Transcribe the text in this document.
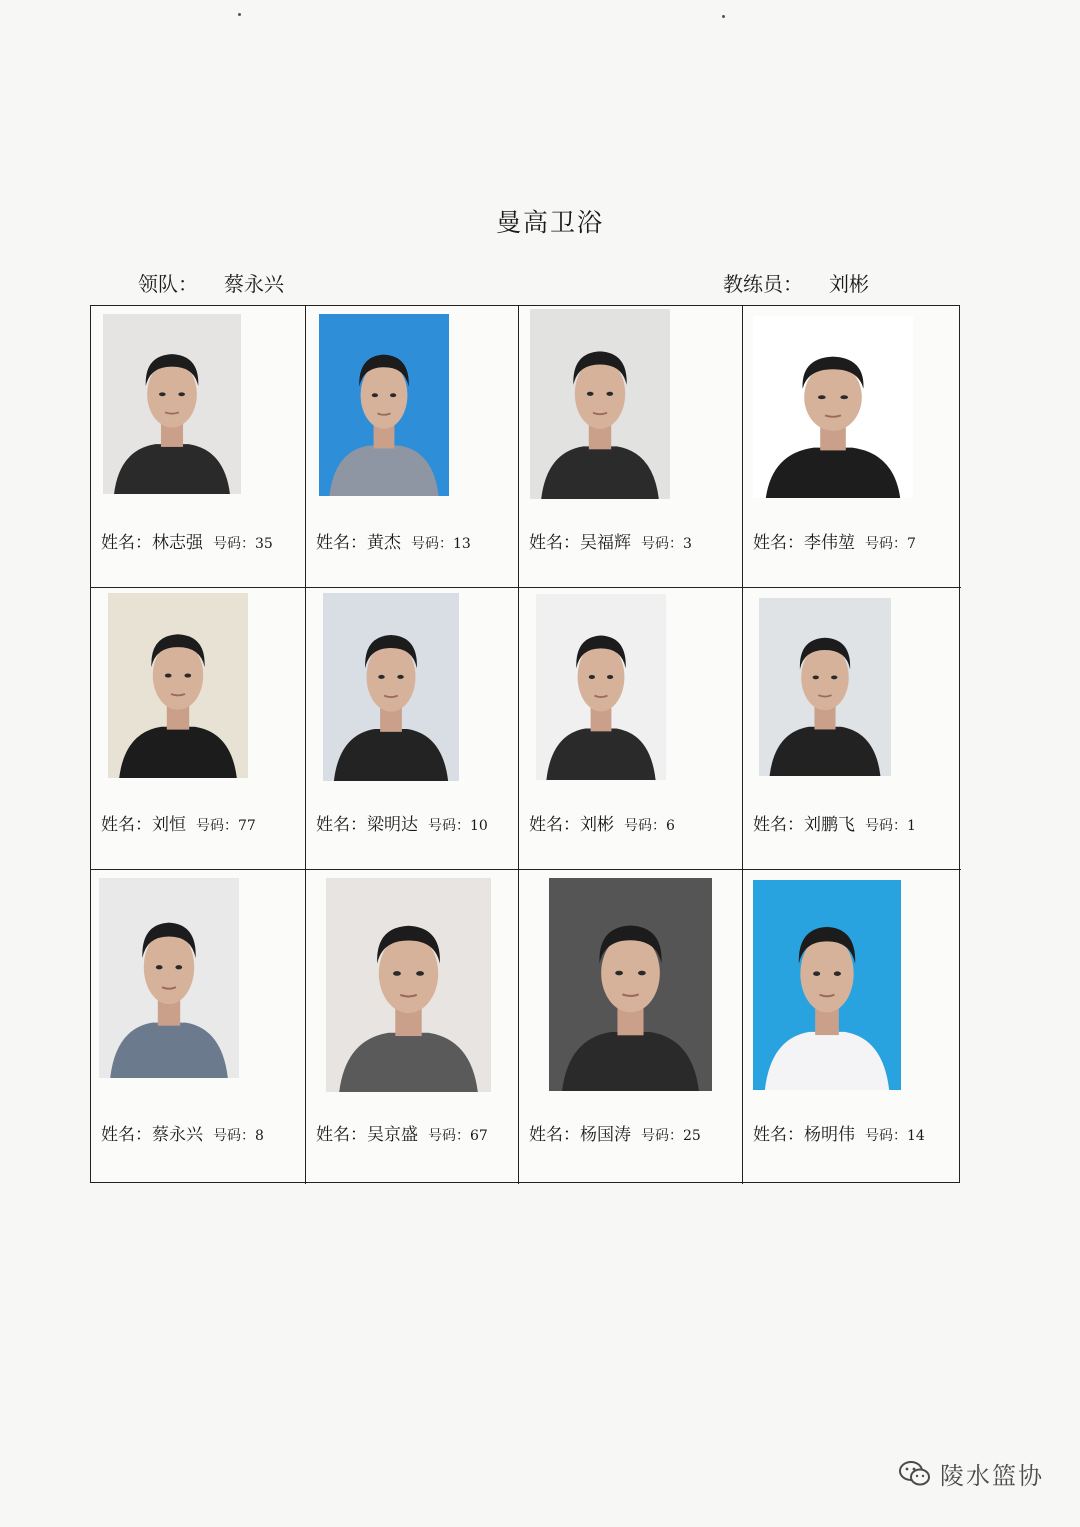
曼高卫浴
领队： 蔡永兴	教练员： 刘彬
姓名：林志强 号码：35	姓名：黄杰 号码：13	姓名：吴福辉 号码：3	姓名：李伟堃 号码：7
姓名：刘恒 号码：77	姓名：梁明达 号码：10 姓名：刘彬 号码：6	姓名：刘鹏飞 号码：1
姓名：蔡永兴 号码：8	姓名：吴京盛 号码：67 姓名：杨国涛 号码：25	姓名：杨明伟 号码：14
陵水篮协
